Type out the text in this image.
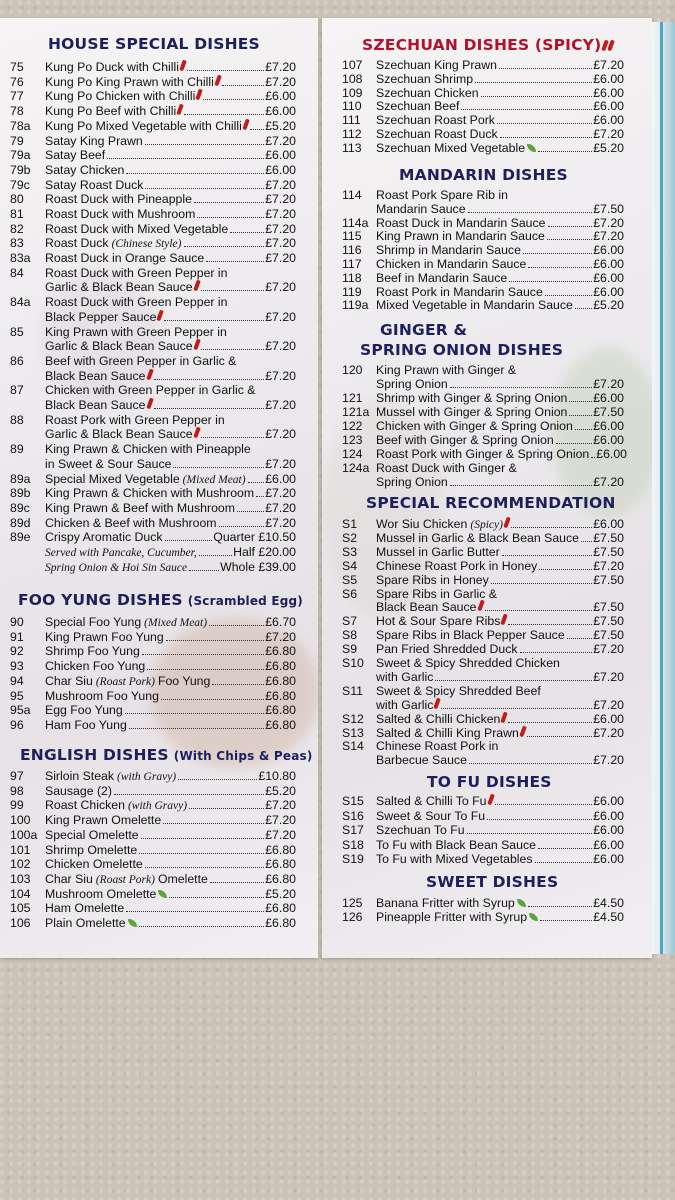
HOUSE SPECIAL DISHES
75 Kung Po Duck with Chilli	£7.20
76 Kung Po King Prawn with Chilli	£7.20
77 Kung Po Chicken with Chilli	£6.00
78 Kung Po Beef with Chilli	£6.00
78a Kung Po Mixed Vegetable with Chilli £5.20
79 Satay King Prawn	£7.20
79a Satay Beef	£6.00
79b Satay Chicken	£6.00
79c Satay Roast Duck	£7.20
80 Roast Duck with Pineapple	£7.20
81 Roast Duck with Mushroom	£7.20
82 Roast Duck with Mixed Vegetable	£7.20
83 Roast Duck (Chinese Style)	£7.20
83a Roast Duck in Orange Sauce	£7.20
84 Roast Duck with Green Pepper in
Garlic & Black Bean Sauce	£7.20
84a Roast Duck with Green Pepper in
Black Pepper Sauce	£7.20
85 King Prawn with Green Pepper in
Garlic & Black Bean Sauce	£7.20
86 Beef with Green Pepper in Garlic &
Black Bean Sauce	£7.20
87 Chicken with Green Pepper in Garlic &
Black Bean Sauce	£7.20
88 Roast Pork with Green Pepper in
Garlic & Black Bean Sauce	£7.20
89 King Prawn & Chicken with Pineapple
in Sweet & Sour Sauce	£7.20
89a Special Mixed Vegetable (Mixed Meat) £6.00
89b King Prawn & Chicken with Mushroom £7.20
89c King Prawn & Beef with Mushroom £7.20
89d Chicken & Beef with Mushroom	£7.20
89e Crispy Aromatic Duck	Quarter £10.50
Served with Pancake, Cucumber,	Half £20.00
Spring Onion & Hoi Sin Sauce	Whole £39.00
FOO YUNG DISHES (Scrambled Egg)
90 Special Foo Yung (Mixed Meat)	£6.70
91 King Prawn Foo Yung	£7.20
92 Shrimp Foo Yung	£6.80
93 Chicken Foo Yung	£6.80
94 Char Siu (Roast Pork) Foo Yung	£6.80
95 Mushroom Foo Yung	£6.80
95a Egg Foo Yung	£6.80
96 Ham Foo Yung	£6.80
ENGLISH DISHES (With Chips & Peas)
97 Sirloin Steak (with Gravy)	£10.80
98 Sausage (2)	£5.20
99 Roast Chicken (with Gravy)	£7.20
100 King Prawn Omelette	£7.20
100a Special Omelette	£7.20
101 Shrimp Omelette	£6.80
102 Chicken Omelette	£6.80
103 Char Siu (Roast Pork) Omelette	£6.80
104 Mushroom Omelette	£5.20
105 Ham Omelette	£6.80
106 Plain Omelette	£6.80
SZECHUAN DISHES (SPICY)
107 Szechuan King Prawn	£7.20
108 Szechuan Shrimp	£6.00
109 Szechuan Chicken	£6.00
110 Szechuan Beef	£6.00
111 Szechuan Roast Pork	£6.00
112 Szechuan Roast Duck	£7.20
113 Szechuan Mixed Vegetable	£5.20
MANDARIN DISHES
114 Roast Pork Spare Rib in
Mandarin Sauce	£7.50
114a Roast Duck in Mandarin Sauce	£7.20
115 King Prawn in Mandarin Sauce	£7.20
116 Shrimp in Mandarin Sauce	£6.00
117 Chicken in Mandarin Sauce	£6.00
118 Beef in Mandarin Sauce	£6.00
119 Roast Pork in Mandarin Sauce	£6.00
119a Mixed Vegetable in Mandarin Sauce £5.20
GINGER &
SPRING ONION DISHES
120 King Prawn with Ginger &
Spring Onion	£7.20
121 Shrimp with Ginger & Spring Onion £6.00
121a Mussel with Ginger & Spring Onion £7.50
122 Chicken with Ginger & Spring Onion £6.00
123 Beef with Ginger & Spring Onion	£6.00
124 Roast Pork with Ginger & Spring Onion £6.00
124a Roast Duck with Ginger &
Spring Onion	£7.20
SPECIAL RECOMMENDATION
S1 Wor Siu Chicken (Spicy)	£6.00
S2 Mussel in Garlic & Black Bean Sauce £7.50
S3 Mussel in Garlic Butter	£7.50
S4 Chinese Roast Pork in Honey	£7.20
S5 Spare Ribs in Honey	£7.50
S6 Spare Ribs in Garlic &
Black Bean Sauce	£7.50
S7 Hot & Sour Spare Ribs	£7.50
S8 Spare Ribs in Black Pepper Sauce £7.50
S9 Pan Fried Shredded Duck	£7.20
S10 Sweet & Spicy Shredded Chicken
with Garlic	£7.20
S11 Sweet & Spicy Shredded Beef
with Garlic	£7.20
S12 Salted & Chilli Chicken	£6.00
S13 Salted & Chilli King Prawn	£7.20
S14 Chinese Roast Pork in
Barbecue Sauce	£7.20
TO FU DISHES
S15 Salted & Chilli To Fu	£6.00
S16 Sweet & Sour To Fu	£6.00
S17 Szechuan To Fu	£6.00
S18 To Fu with Black Bean Sauce	£6.00
S19 To Fu with Mixed Vegetables	£6.00
SWEET DISHES
125 Banana Fritter with Syrup	£4.50
126 Pineapple Fritter with Syrup	£4.50
